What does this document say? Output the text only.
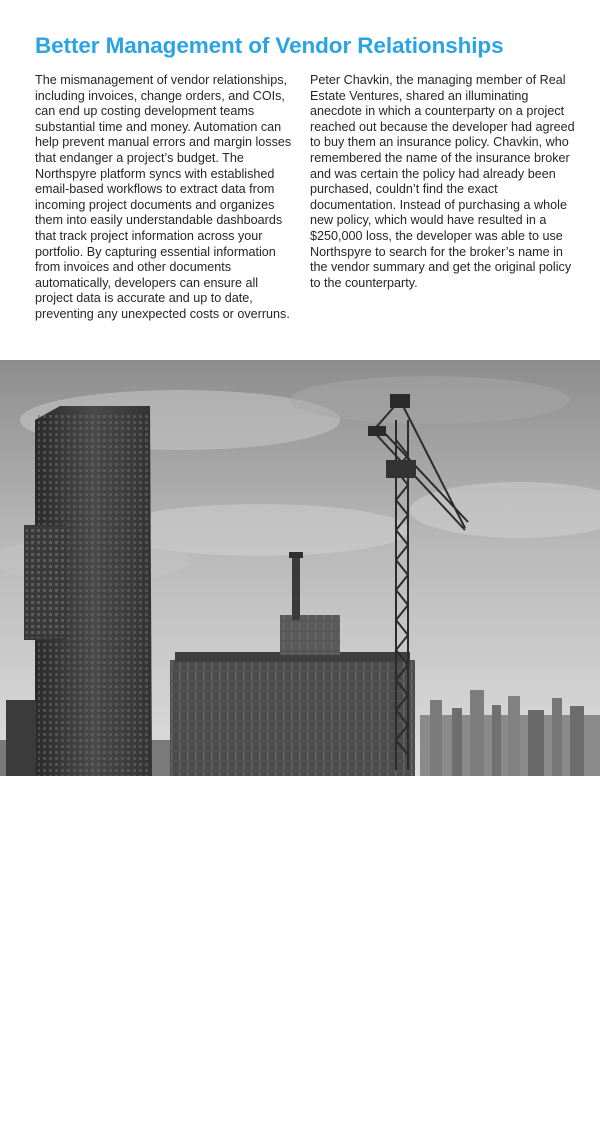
Better Management of Vendor Relationships

The mismanagement of vendor relationships, including invoices, change orders, and COIs, can end up costing development teams substantial time and money. Automation can help prevent manual errors and margin losses that endanger a project’s budget. The Northspyre platform syncs with established email-based workflows to extract data from incoming project documents and organizes them into easily understandable dashboards that track project information across your portfolio. By capturing essential information from invoices and other documents automatically, developers can ensure all project data is accurate and up to date, preventing any unexpected costs or overruns.

Peter Chavkin, the managing member of Real Estate Ventures, shared an illuminating anecdote in which a counterparty on a project reached out because the developer had agreed to buy them an insurance policy. Chavkin, who remembered the name of the insurance broker and was certain the policy had already been purchased, couldn’t find the exact documentation. Instead of purchasing a whole new policy, which would have resulted in a $250,000 loss, the developer was able to use Northspyre to search for the broker’s name in the vendor summary and get the original policy to the counterparty.

23
